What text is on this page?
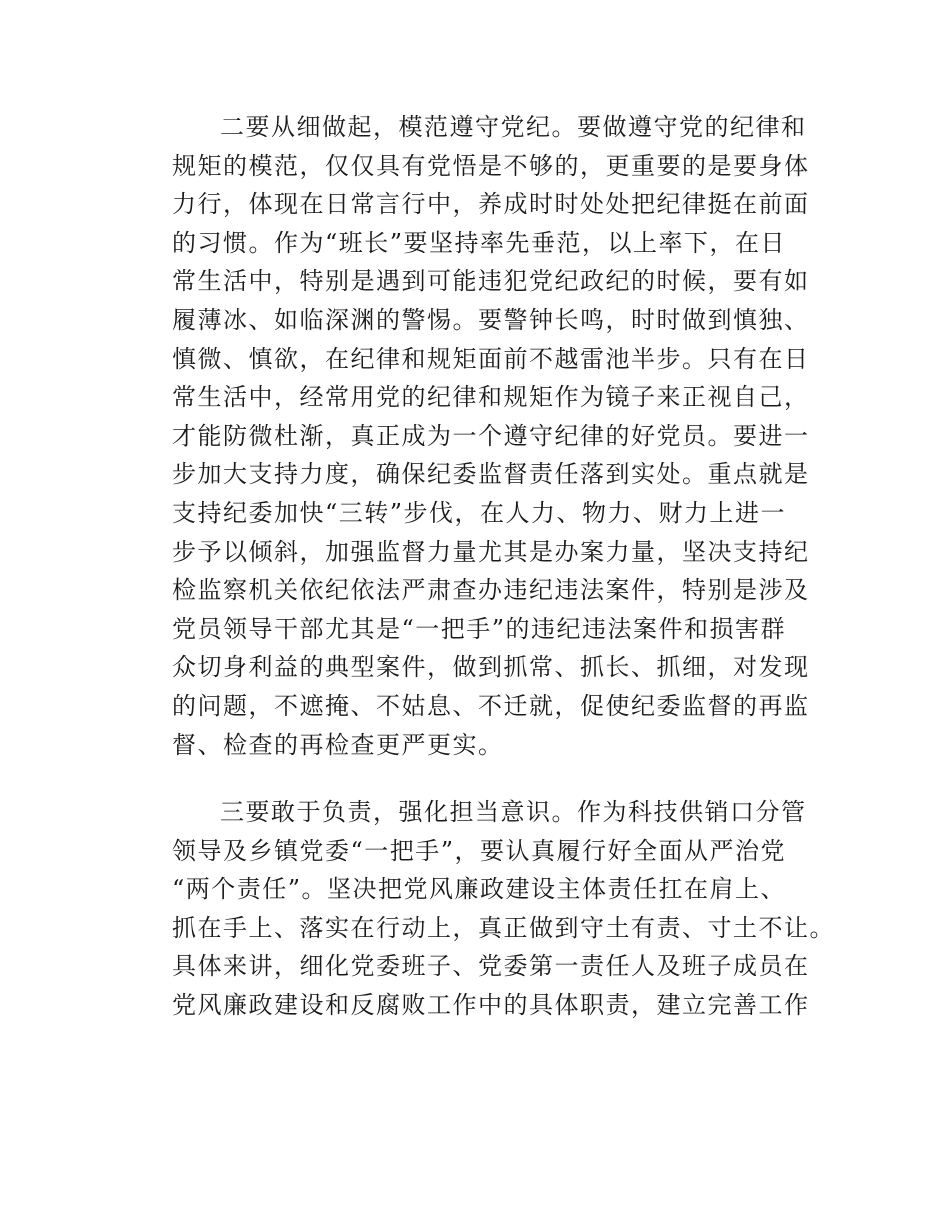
二要从细做起，模范遵守党纪。要做遵守党的纪律和
规矩的模范，仅仅具有党悟是不够的，更重要的是要身体
力行，体现在日常言行中，养成时时处处把纪律挺在前面
的习惯。作为“班长”要坚持率先垂范，以上率下，在日
常生活中，特别是遇到可能违犯党纪政纪的时候，要有如
履薄冰、如临深渊的警惕。要警钟长鸣，时时做到慎独、
慎微、慎欲，在纪律和规矩面前不越雷池半步。只有在日
常生活中，经常用党的纪律和规矩作为镜子来正视自己，
才能防微杜渐，真正成为一个遵守纪律的好党员。要进一
步加大支持力度，确保纪委监督责任落到实处。重点就是
支持纪委加快“三转”步伐，在人力、物力、财力上进一
步予以倾斜，加强监督力量尤其是办案力量，坚决支持纪
检监察机关依纪依法严肃查办违纪违法案件，特别是涉及
党员领导干部尤其是“一把手”的违纪违法案件和损害群
众切身利益的典型案件，做到抓常、抓长、抓细，对发现
的问题，不遮掩、不姑息、不迁就，促使纪委监督的再监
督、检查的再检查更严更实。
三要敢于负责，强化担当意识。作为科技供销口分管
领导及乡镇党委“一把手”，要认真履行好全面从严治党
“两个责任”。坚决把党风廉政建设主体责任扛在肩上、
抓在手上、落实在行动上，真正做到守土有责、寸土不让。
具体来讲，细化党委班子、党委第一责任人及班子成员在
党风廉政建设和反腐败工作中的具体职责，建立完善工作
